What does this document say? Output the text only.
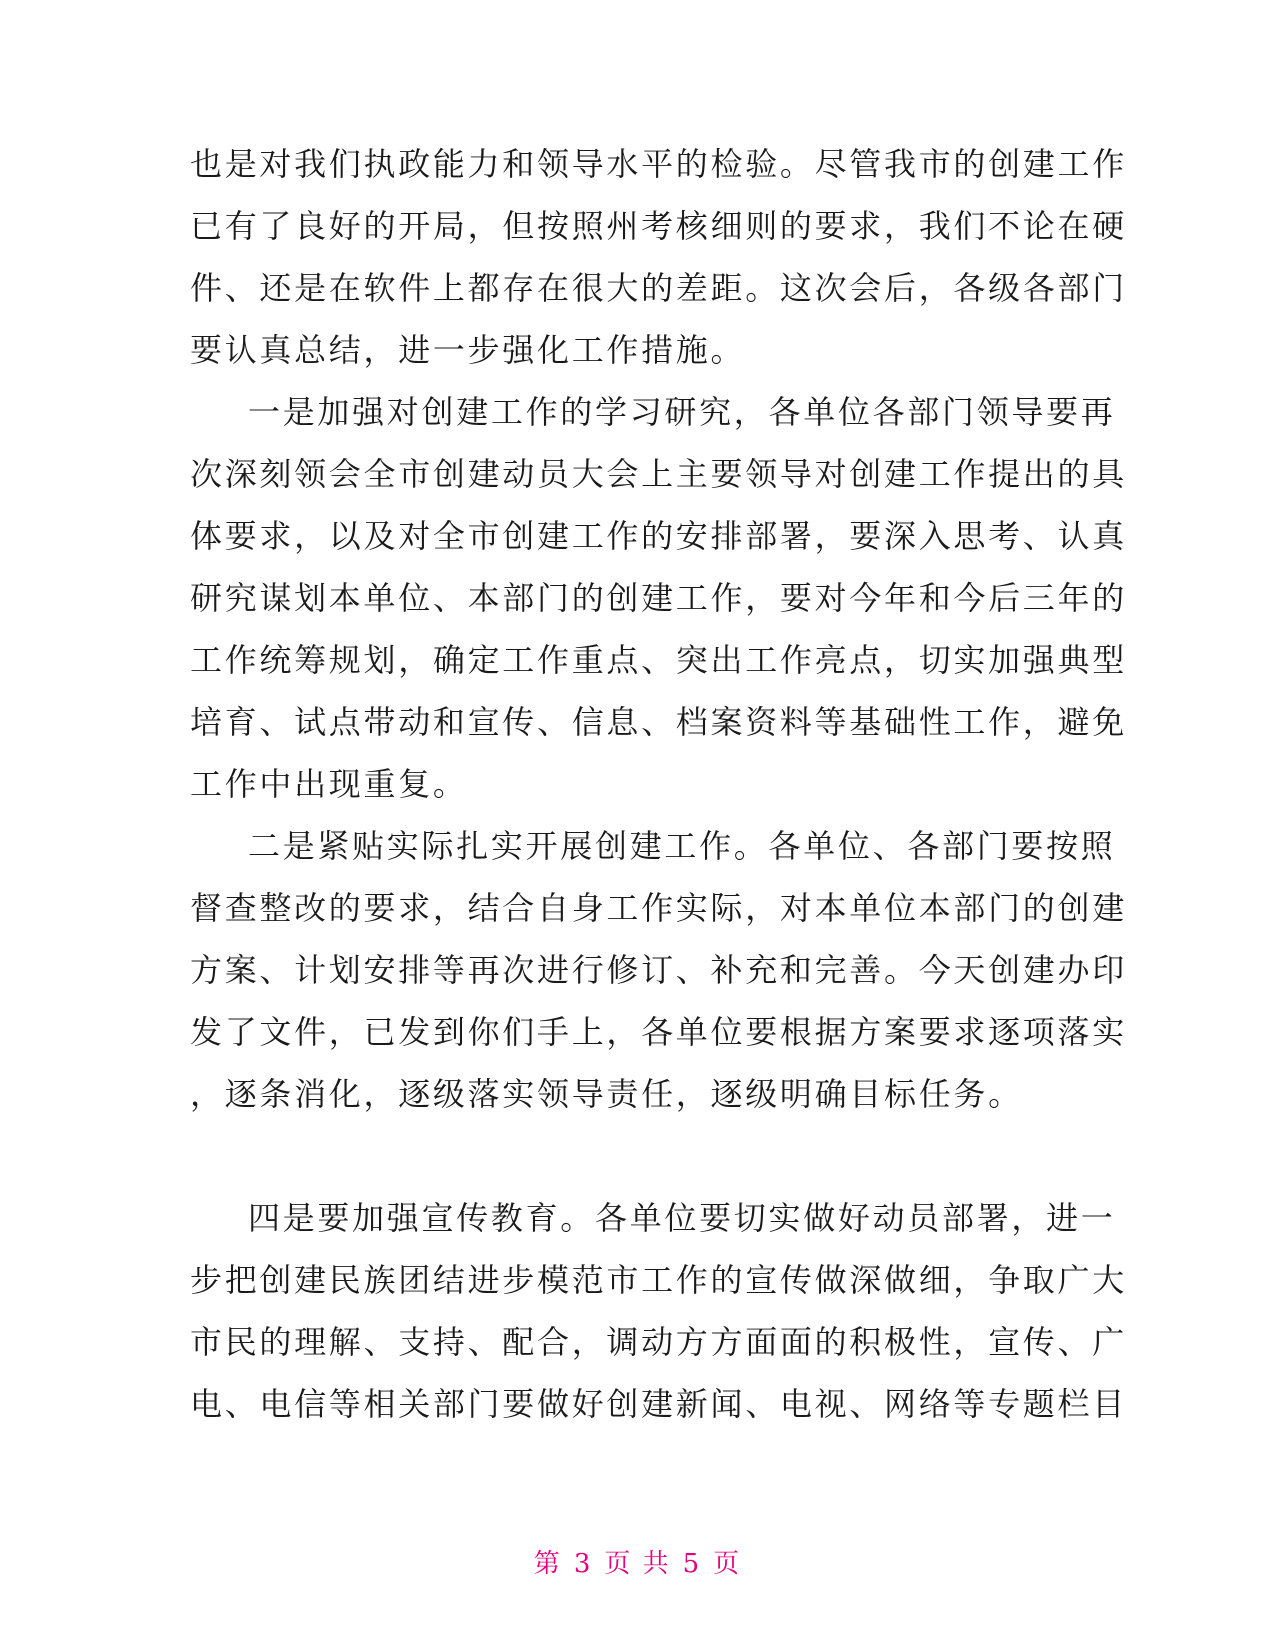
也是对我们执政能力和领导水平的检验。尽管我市的创建工作
已有了良好的开局，但按照州考核细则的要求，我们不论在硬
件、还是在软件上都存在很大的差距。这次会后，各级各部门
要认真总结，进一步强化工作措施。
一是加强对创建工作的学习研究，各单位各部门领导要再
次深刻领会全市创建动员大会上主要领导对创建工作提出的具
体要求，以及对全市创建工作的安排部署，要深入思考、认真
研究谋划本单位、本部门的创建工作，要对今年和今后三年的
工作统筹规划，确定工作重点、突出工作亮点，切实加强典型
培育、试点带动和宣传、信息、档案资料等基础性工作，避免
工作中出现重复。
二是紧贴实际扎实开展创建工作。各单位、各部门要按照
督查整改的要求，结合自身工作实际，对本单位本部门的创建
方案、计划安排等再次进行修订、补充和完善。今天创建办印
发了文件，已发到你们手上，各单位要根据方案要求逐项落实
，逐条消化，逐级落实领导责任，逐级明确目标任务。
四是要加强宣传教育。各单位要切实做好动员部署，进一
步把创建民族团结进步模范市工作的宣传做深做细，争取广大
市民的理解、支持、配合，调动方方面面的积极性，宣传、广
电、电信等相关部门要做好创建新闻、电视、网络等专题栏目
第 3 页 共 5 页
